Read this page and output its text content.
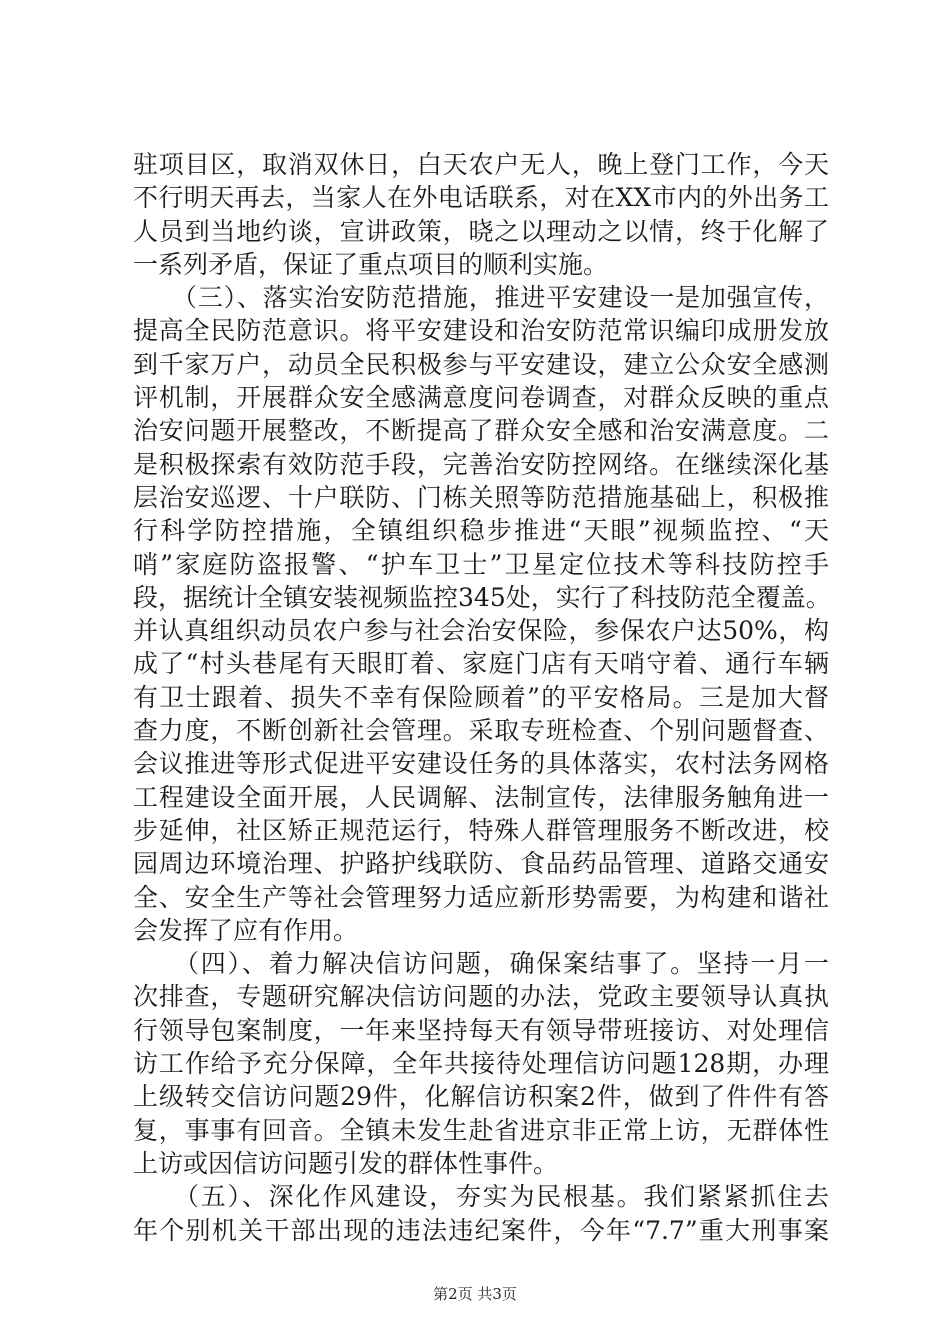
驻项目区，取消双休日，白天农户无人，晚上登门工作，今天
不行明天再去，当家人在外电话联系，对在XX市内的外出务工
人员到当地约谈，宣讲政策，晓之以理动之以情，终于化解了
一系列矛盾，保证了重点项目的顺利实施。
　　（三）、落实治安防范措施，推进平安建设一是加强宣传，
提高全民防范意识。将平安建设和治安防范常识编印成册发放
到千家万户，动员全民积极参与平安建设，建立公众安全感测
评机制，开展群众安全感满意度问卷调查，对群众反映的重点
治安问题开展整改，不断提高了群众安全感和治安满意度。二
是积极探索有效防范手段，完善治安防控网络。在继续深化基
层治安巡逻、十户联防、门栋关照等防范措施基础上，积极推
行科学防控措施，全镇组织稳步推进“天眼”视频监控、“天
哨”家庭防盗报警、“护车卫士”卫星定位技术等科技防控手
段，据统计全镇安装视频监控345处，实行了科技防范全覆盖。
并认真组织动员农户参与社会治安保险，参保农户达50%，构
成了“村头巷尾有天眼盯着、家庭门店有天哨守着、通行车辆
有卫士跟着、损失不幸有保险顾着”的平安格局。三是加大督
查力度，不断创新社会管理。采取专班检查、个别问题督查、
会议推进等形式促进平安建设任务的具体落实，农村法务网格
工程建设全面开展，人民调解、法制宣传，法律服务触角进一
步延伸，社区矫正规范运行，特殊人群管理服务不断改进，校
园周边环境治理、护路护线联防、食品药品管理、道路交通安
全、安全生产等社会管理努力适应新形势需要，为构建和谐社
会发挥了应有作用。
　　（四）、着力解决信访问题，确保案结事了。坚持一月一
次排查，专题研究解决信访问题的办法，党政主要领导认真执
行领导包案制度，一年来坚持每天有领导带班接访、对处理信
访工作给予充分保障，全年共接待处理信访问题128期，办理
上级转交信访问题29件，化解信访积案2件，做到了件件有答
复，事事有回音。全镇未发生赴省进京非正常上访，无群体性
上访或因信访问题引发的群体性事件。
　　（五）、深化作风建设，夯实为民根基。我们紧紧抓住去
年个别机关干部出现的违法违纪案件，今年“7.7”重大刑事案
第2页 共3页
